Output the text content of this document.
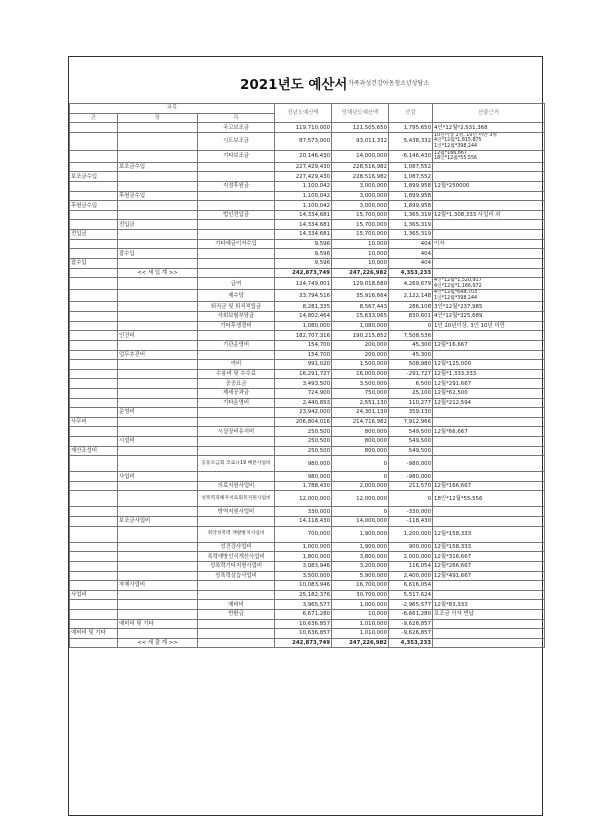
2021년도 예산서 가족과성건강아동청소년상담소
과목			전년도예산액	당해년도예산액	증감	산출근거
관	항	목				
		국고보조금	119,710,000	121,505,650	1,795,650	4인*12월*2,531,368
		시도보조금	87,573,000	93,011,332	5,438,332	10년이상 1명, 10년 미만 3명
4인*12월*1,815,875
1인*12월*398,244

		기타보조금	20,146,430	14,000,000	-6,146,430	12월*166,667
18인*12월*55,556

	보조금수입		227,429,430	228,516,982	1,087,552	
보조금수입			227,429,430	228,516,982	1,087,552	
		지정후원금	1,100,042	3,000,000	1,899,958	12월*250000
	후원금수입		1,100,042	3,000,000	1,899,958	
후원금수입			1,100,042	3,000,000	1,899,958	
		법인전입금	14,334,681	15,700,000	1,365,319	12월*1,308,333 사업비 외
	전입금		14,334,681	15,700,000	1,365,319	
전입금			14,334,681	15,700,000	1,365,319	
		기타예금이자수입	9,596	10,000	404	이자
	잡수입		9,596	10,000	404	
잡수입			9,596	10,000	404	
	<< 세 입 계 >>		242,873,749	247,226,982	4,353,233	
		급여	124,749,001	129,018,680	4,269,679	4인*12월*1,520,917
4인*12월*1,166,972

		제수당	33,794,516	35,916,664	2,122,148	4인*12월*648,703
1인*12월*398,244

		퇴직금 및 퇴직적립금	8,281,335	8,567,443	286,108	3인*12월*237,985
		사회보험부담금	14,802,464	15,633,065	830,601	4인*12월*325,689
		기타후생경비	1,080,000	1,080,000	0	1인 10년이상, 3인 10년 미만
	인건비		182,707,316	190,215,852	7,508,536	
		기관운영비	154,700	200,000	45,300	12월*16,667
	업무추진비		154,700	200,000	45,300	
		여비	991,020	1,500,000	508,980	12월*125,000
		수용비 및 수수료	16,291,727	16,000,000	-291,727	12월*1,333,333
		공공요금	3,493,500	3,500,000	6,500	12월*291,667
		제세공과금	724,900	750,000	25,100	12월*62,500
		기타운영비	2,440,853	2,551,130	110,277	12월*212,594
	운영비		23,942,000	24,301,130	359,130	
사무비			206,804,016	214,716,982	7,912,966	
		시설장비유지비	250,500	800,000	549,500	12월*66,667
	시설비		250,500	800,000	549,500	
재산조성비			250,500	800,000	549,500	

		공동모금회 코로나19 배분사업비	980,000	0	-980,000	
	사업비		980,000	0	-980,000	
		의료지원사업비	1,788,430	2,000,000	211,570	12월*166,667

		성폭력피해자치료회복지원사업비	12,000,000	12,000,000	0	18인*12월*55,556
		방역지원사업비	330,000	0	-330,000	
	보조금사업비		14,118,430	14,000,000	-118,430	

		취약성폭력 재발방지사업비	700,000	1,900,000	1,200,000	12월*158,333
		성건강사업비	1,000,000	1,900,000	900,000	12월*158,333
		폭력예방인식개선사업비	1,800,000	3,800,000	2,000,000	12월*316,667
		성폭력기타지원사업비	3,083,946	3,200,000	116,054	12월*266,667
		성폭력실습사업비	3,500,000	5,900,000	2,400,000	12월*491,667
	자체사업비		10,083,946	16,700,000	6,616,054	
사업비			25,182,376	30,700,000	5,517,624	
		예비비	3,965,577	1,000,000	-2,965,577	12월*83,333
		반환금	6,671,280	10,000	-6,661,280	보조금 이자 반납
	예비비 및 기타		10,636,857	1,010,000	-9,626,857	
예비비 및 기타			10,636,857	1,010,000	-9,626,857	
	<< 세 출 계 >>		242,873,749	247,226,982	4,353,233	
